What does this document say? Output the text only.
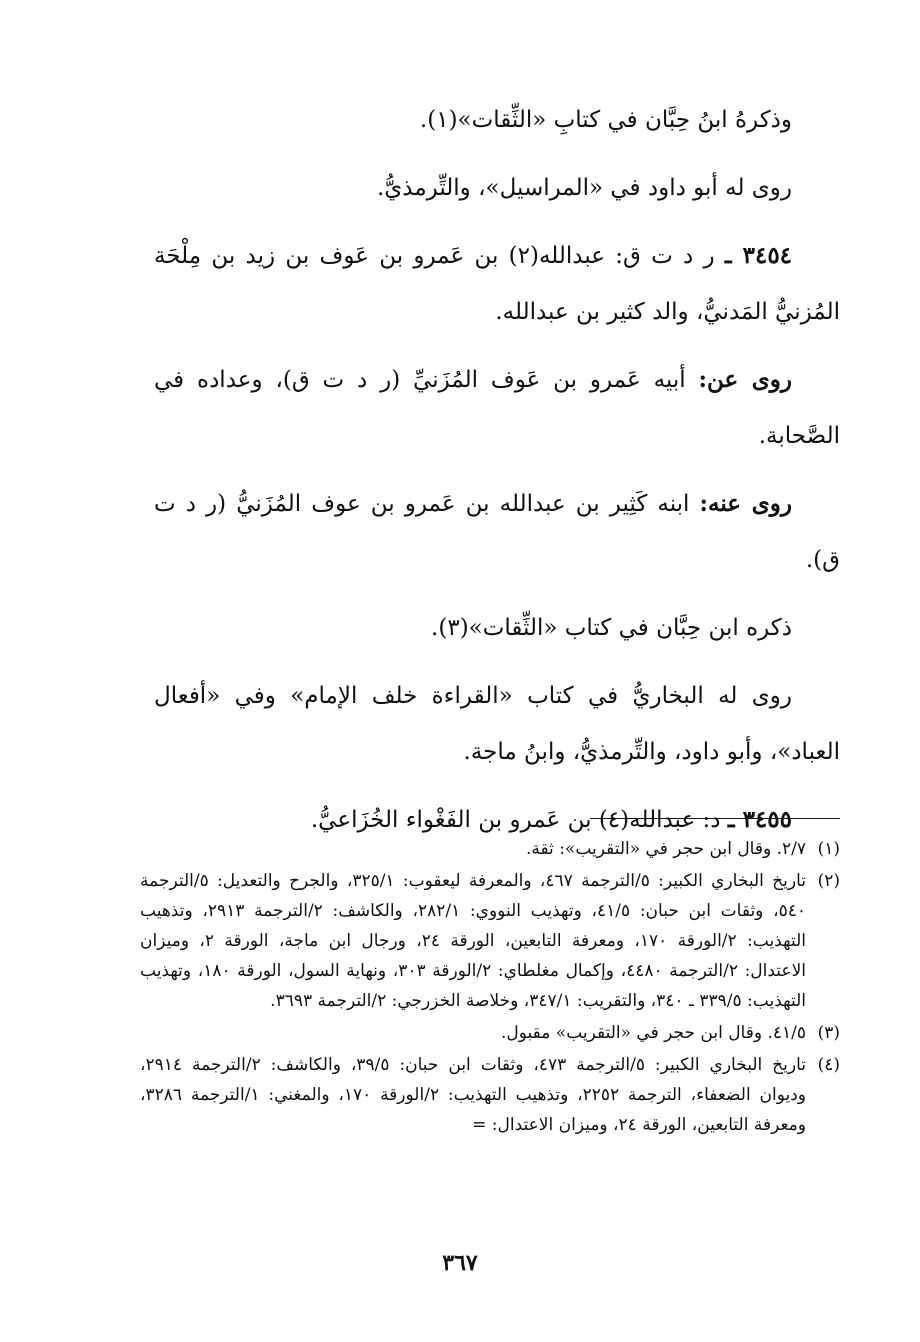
وذكرهُ ابنُ حِبَّان في كتابِ «الثِّقات»(١).

روى له أبو داود في «المراسيل»، والتِّرمذيُّ.

٣٤٥٤ ـ ر د ت ق: عبدالله(٢) بن عَمرو بن عَوف بن زيد بن مِلْحَة المُزنيُّ المَدنيُّ، والد كثير بن عبدالله.

روى عن: أبيه عَمرو بن عَوف المُزَنيِّ (ر د ت ق)، وعداده في الصَّحابة.

روى عنه: ابنه كَثِير بن عبدالله بن عَمرو بن عوف المُزَنيُّ (ر د ت ق).

ذكره ابن حِبَّان في كتاب «الثِّقات»(٣).

روى له البخاريُّ في كتاب «القراءة خلف الإمام» وفي «أفعال العباد»، وأبو داود، والتِّرمذيُّ، وابنُ ماجة.

٣٤٥٥ ـ د: عبدالله(٤) بن عَمرو بن الفَغْواء الخُزَاعيُّ.

(١)
٢/٧. وقال ابن حجر في «التقريب»: ثقة.

(٢)
تاريخ البخاري الكبير: ٥/الترجمة ٤٦٧، والمعرفة ليعقوب: ٣٢٥/١، والجرح والتعديل: ٥/الترجمة ٥٤٠، وثقات ابن حبان: ٤١/٥، وتهذيب النووي: ٢٨٢/١، والكاشف: ٢/الترجمة ٢٩١٣، وتذهيب التهذيب: ٢/الورقة ١٧٠، ومعرفة التابعين، الورقة ٢٤، ورجال ابن ماجة، الورقة ٢، وميزان الاعتدال: ٢/الترجمة ٤٤٨٠، وإكمال مغلطاي: ٢/الورقة ٣٠٣، ونهاية السول، الورقة ١٨٠، وتهذيب التهذيب: ٣٣٩/٥ ـ ٣٤٠، والتقريب: ٣٤٧/١، وخلاصة الخزرجي: ٢/الترجمة ٣٦٩٣.

(٣)
٤١/٥. وقال ابن حجر في «التقريب» مقبول.

(٤)
تاريخ البخاري الكبير: ٥/الترجمة ٤٧٣، وثقات ابن حبان: ٣٩/٥، والكاشف: ٢/الترجمة ٢٩١٤، وديوان الضعفاء، الترجمة ٢٢٥٢، وتذهيب التهذيب: ٢/الورقة ١٧٠، والمغني: ١/الترجمة ٣٢٨٦، ومعرفة التابعين، الورقة ٢٤، وميزان الاعتدال: =

٣٦٧
